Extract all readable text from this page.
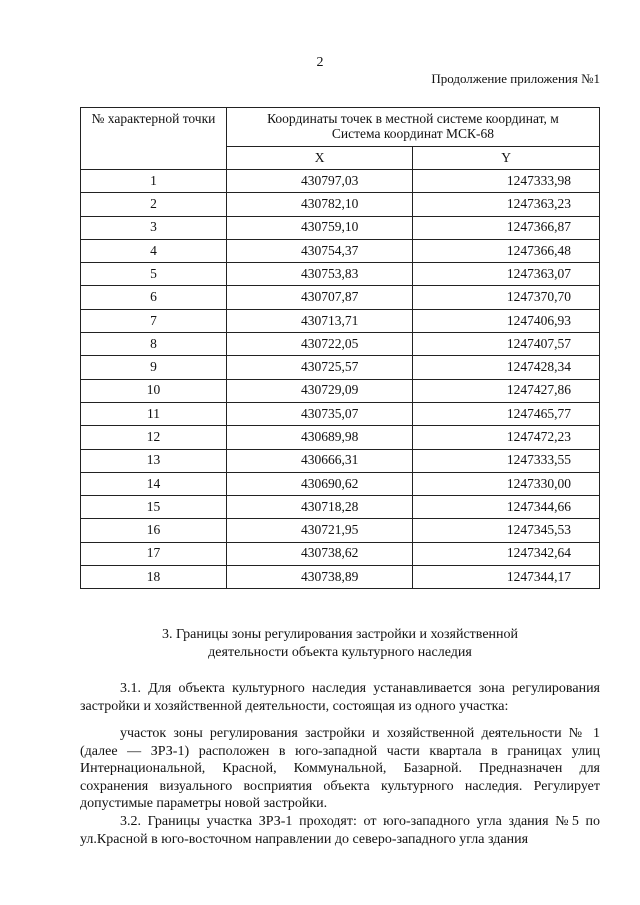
2
Продолжение приложения №1
№ характерной точки	Координаты точек в местной системе координат, м
Система координат МСК-68	
	X	Y
1	430797,03	1247333,98

2	430782,10	1247363,23

3	430759,10	1247366,87

4	430754,37	1247366,48

5	430753,83	1247363,07

6	430707,87	1247370,70

7	430713,71	1247406,93

8	430722,05	1247407,57

9	430725,57	1247428,34

10	430729,09	1247427,86

11	430735,07	1247465,77

12	430689,98	1247472,23

13	430666,31	1247333,55

14	430690,62	1247330,00

15	430718,28	1247344,66

16	430721,95	1247345,53

17	430738,62	1247342,64

18	430738,89	1247344,17
3. Границы зоны регулирования застройки и хозяйственной
деятельности объекта культурного наследия
3.1. Для объекта культурного наследия устанавливается зона регулирования застройки и хозяйственной деятельности, состоящая из одного участка:
участок зоны регулирования застройки и хозяйственной деятельности № 1 (далее — ЗРЗ-1) расположен в юго-западной части квартала в границах улиц Интернациональной, Красной, Коммунальной, Базарной. Предназначен для сохранения визуального восприятия объекта культурного наследия. Регулирует допустимые параметры новой застройки.
3.2. Границы участка ЗРЗ-1 проходят: от юго-западного угла здания №5 по ул.Красной в юго-восточном направлении до северо-западного угла здания
